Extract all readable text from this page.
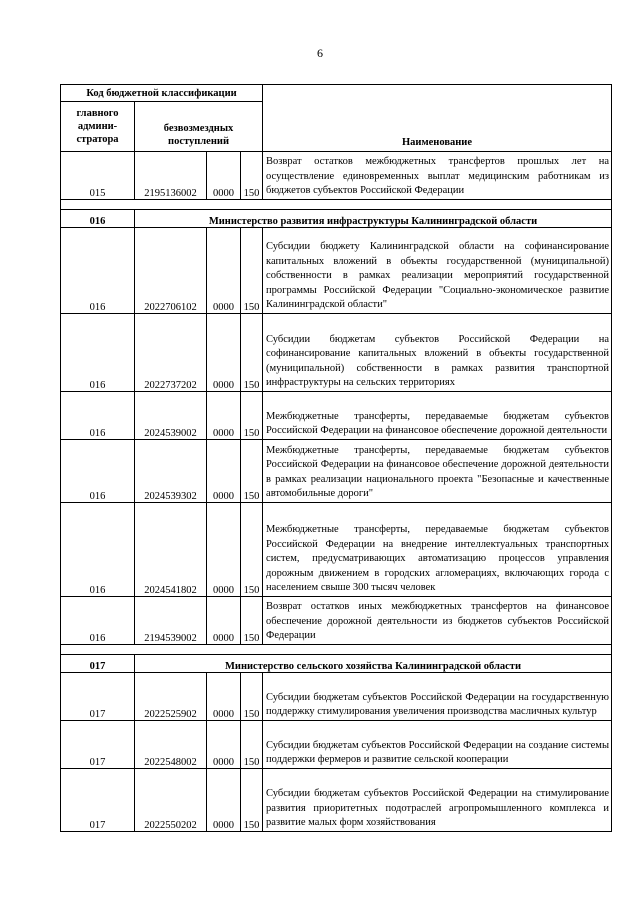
6
Код бюджетной классификации				Наименование
главного админи-стратора	безвозмездных поступлений			
015	2195136002	0000	150	Возврат остатков межбюджетных трансфертов прошлых лет на осуществление единовременных выплат медицинским работникам из бюджетов субъектов Российской Федерации

016	Министерство развития инфраструктуры Калининградской области			
016	2022706102	0000	150	Субсидии бюджету Калининградской области на софинансирование капитальных вложений в объекты государственной (муниципальной) собственности в рамках реализации мероприятий государственной программы Российской Федерации "Социально-экономическое развитие Калининградской области"
016	2022737202	0000	150	Субсидии бюджетам субъектов Российской Федерации на софинансирование капитальных вложений в объекты государственной (муниципальной) собственности в рамках развития транспортной инфраструктуры на сельских территориях
016	2024539002	0000	150	Межбюджетные трансферты, передаваемые бюджетам субъектов Российской Федерации на финансовое обеспечение дорожной деятельности
016	2024539302	0000	150	Межбюджетные трансферты, передаваемые бюджетам субъектов Российской Федерации на финансовое обеспечение дорожной деятельности в рамках реализации национального проекта "Безопасные и качественные автомобильные дороги"
016	2024541802	0000	150	Межбюджетные трансферты, передаваемые бюджетам субъектов Российской Федерации на внедрение интеллектуальных транспортных систем, предусматривающих автоматизацию процессов управления дорожным движением в городских агломерациях, включающих города с населением свыше 300 тысяч человек
016	2194539002	0000	150	Возврат остатков иных межбюджетных трансфертов на финансовое обеспечение дорожной деятельности из бюджетов субъектов Российской Федерации

017	Министерство сельского хозяйства Калининградской области			
017	2022525902	0000	150	Субсидии бюджетам субъектов Российской Федерации на государственную поддержку стимулирования увеличения производства масличных культур
017	2022548002	0000	150	Субсидии бюджетам субъектов Российской Федерации на создание системы поддержки фермеров и развитие сельской кооперации
017	2022550202	0000	150	Субсидии бюджетам субъектов Российской Федерации на стимулирование развития приоритетных подотраслей агропромышленного комплекса и развитие малых форм хозяйствования
